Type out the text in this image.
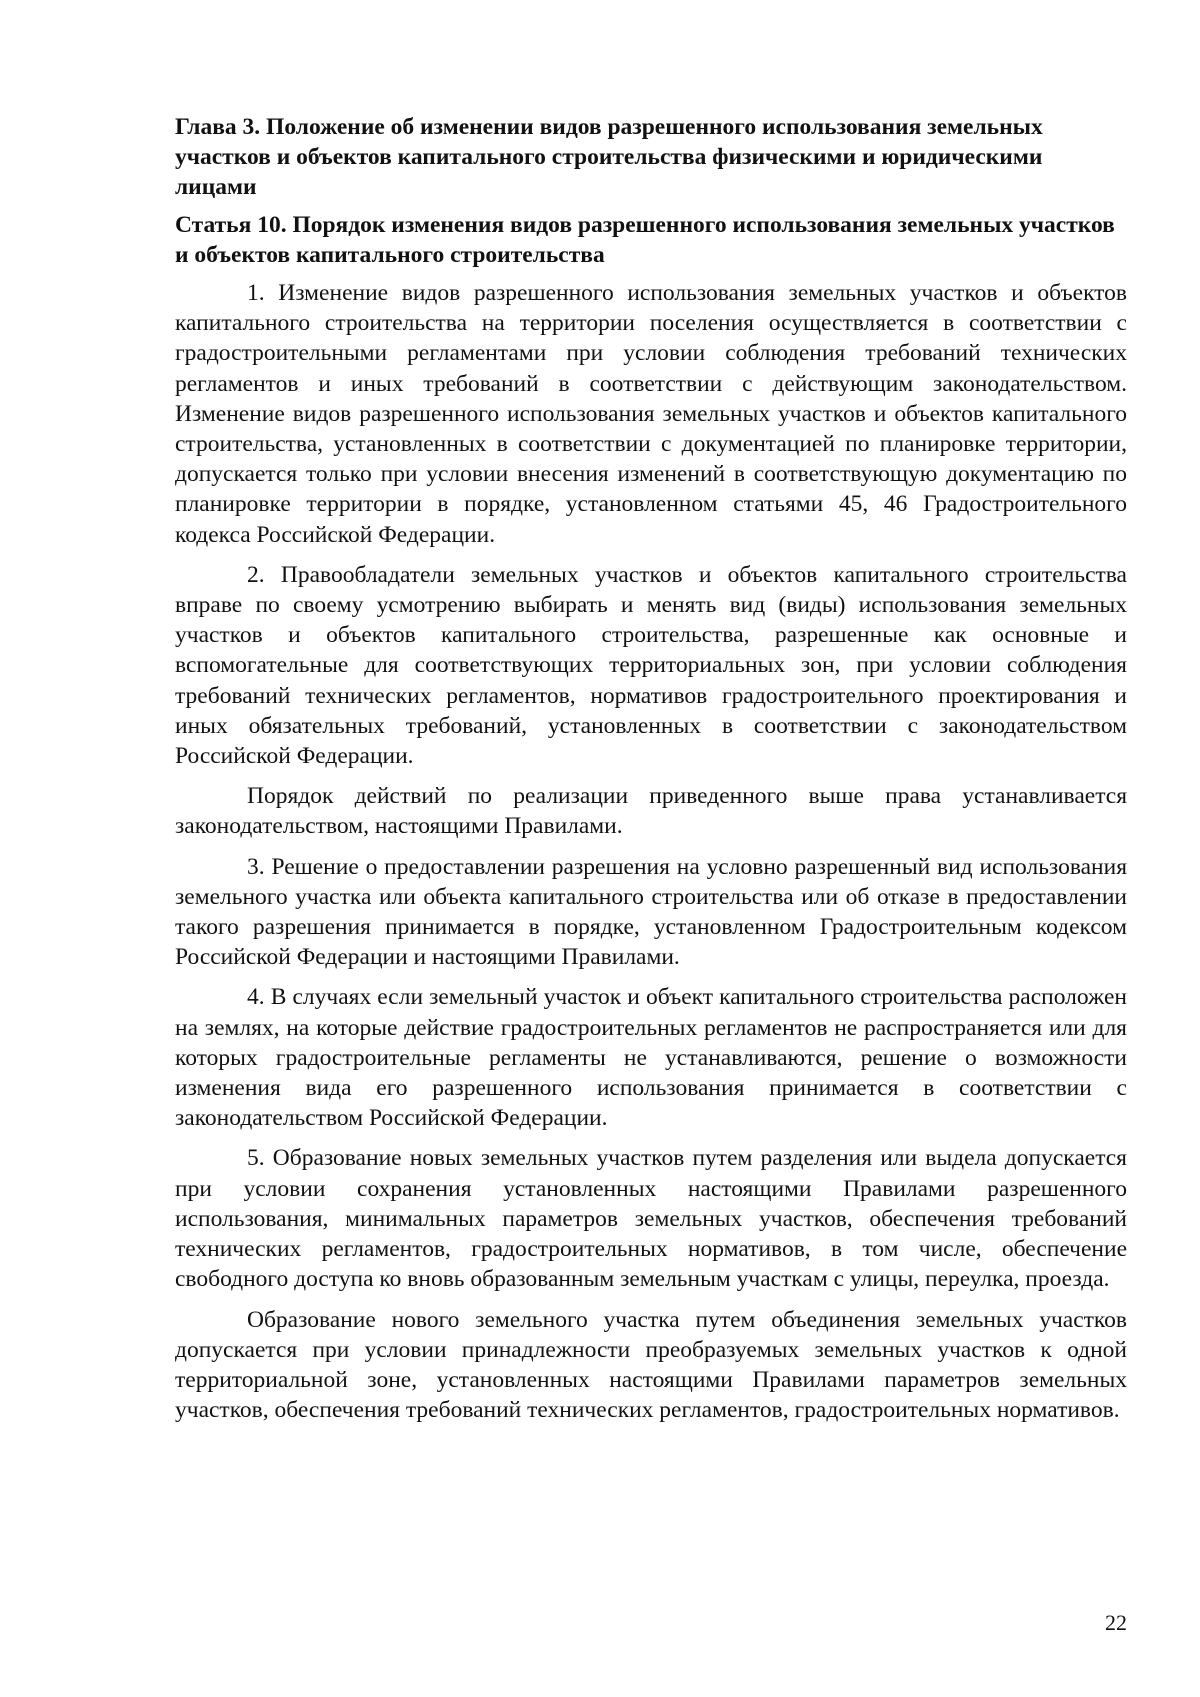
Глава 3. Положение об изменении видов разрешенного использования земельных участков и объектов капитального строительства физическими и юридическими лицами
Статья 10. Порядок изменения видов разрешенного использования земельных участков и объектов капитального строительства

1. Изменение видов разрешенного использования земельных участков и объектов капитального строительства на территории поселения осуществляется в соответствии с градостроительными регламентами при условии соблюдения требований технических регламентов и иных требований в соответствии с действующим законодательством. Изменение видов разрешенного использования земельных участков и объектов капитального строительства, установленных в соответствии с документацией по планировке территории, допускается только при условии внесения изменений в соответствующую документацию по планировке территории в порядке, установленном статьями 45, 46 Градостроительного кодекса Российской Федерации.

2. Правообладатели земельных участков и объектов капитального строительства вправе по своему усмотрению выбирать и менять вид (виды) использования земельных участков и объектов капитального строительства, разрешенные как основные и вспомогательные для соответствующих территориальных зон, при условии соблюдения требований технических регламентов, нормативов градостроительного проектирования и иных обязательных требований, установленных в соответствии с законодательством Российской Федерации.

Порядок действий по реализации приведенного выше права устанавливается законодательством, настоящими Правилами.

3. Решение о предоставлении разрешения на условно разрешенный вид использования земельного участка или объекта капитального строительства или об отказе в предоставлении такого разрешения принимается в порядке, установленном Градостроительным кодексом Российской Федерации и настоящими Правилами.

4. В случаях если земельный участок и объект капитального строительства расположен на землях, на которые действие градостроительных регламентов не распространяется или для которых градостроительные регламенты не устанавливаются, решение о возможности изменения вида его разрешенного использования принимается в соответствии с законодательством Российской Федерации.

5. Образование новых земельных участков путем разделения или выдела допускается при условии сохранения установленных настоящими Правилами разрешенного использования, минимальных параметров земельных участков, обеспечения требований технических регламентов, градостроительных нормативов, в том числе, обеспечение свободного доступа ко вновь образованным земельным участкам с улицы, переулка, проезда.

Образование нового земельного участка путем объединения земельных участков допускается при условии принадлежности преобразуемых земельных участков к одной территориальной зоне, установленных настоящими Правилами параметров земельных участков, обеспечения требований технических регламентов, градостроительных нормативов.

22
